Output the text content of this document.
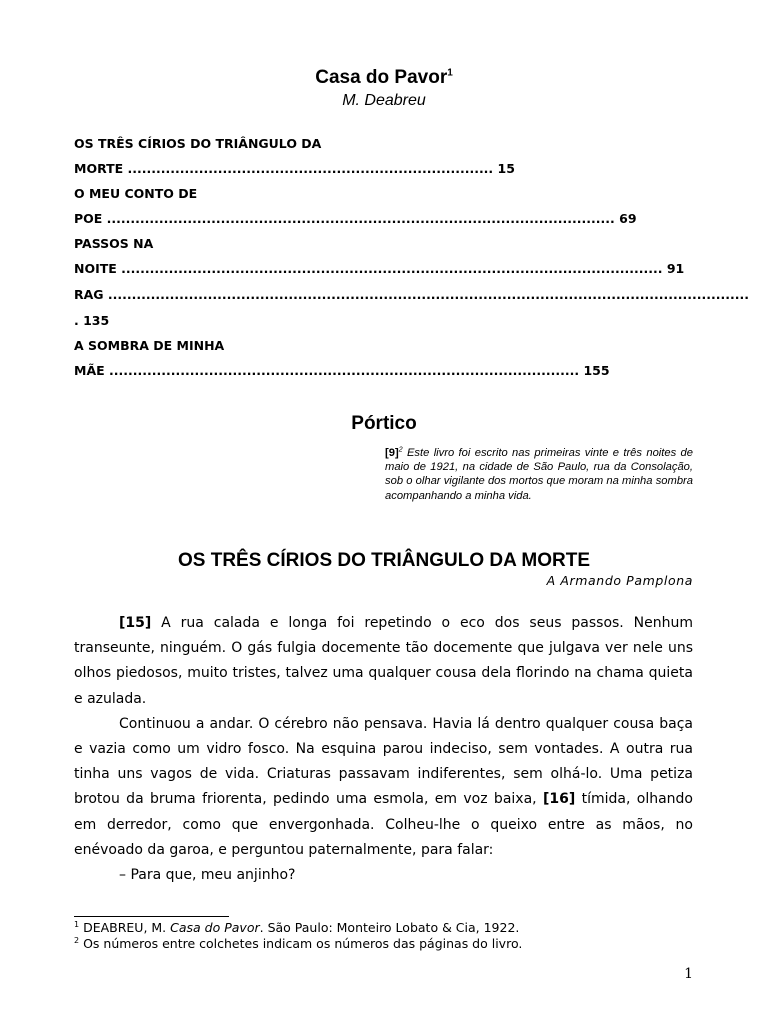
Casa do Pavor$^1$
M. Deabreu
OS TRÊS CÍRIOS DO TRIÂNGULO DA
MORTE ............................................................................. 15
O MEU CONTO DE
POE ........................................................................................................... 69
PASSOS NA
NOITE .................................................................................................................. 91
RAG .......................................................................................................................................
. 135
A SOMBRA DE MINHA
MÃE ................................................................................................... 155
Pórtico
$[9]^2$ Este livro foi escrito nas primeiras vinte e três noites de maio de 1921, na cidade de São Paulo, rua da Consolação, sob o olhar vigilante dos mortos que moram na minha sombra acompanhando a minha vida.
OS TRÊS CÍRIOS DO TRIÂNGULO DA MORTE
A Armando Pamplona

[15] A rua calada e longa foi repetindo o eco dos seus passos. Nenhum transeunte, ninguém. O gás fulgia docemente tão docemente que julgava ver nele uns olhos piedosos, muito tristes, talvez uma qualquer cousa dela florindo na chama quieta e azulada.

Continuou a andar. O cérebro não pensava. Havia lá dentro qualquer cousa baça e vazia como um vidro fosco. Na esquina parou indeciso, sem vontades. A outra rua tinha uns vagos de vida. Criaturas passavam indiferentes, sem olhá-lo. Uma petiza brotou da bruma friorenta, pedindo uma esmola, em voz baixa, [16] tímida, olhando em derredor, como que envergonhada. Colheu-lhe o queixo entre as mãos, no enévoado da garoa, e perguntou paternalmente, para falar:

– Para que, meu anjinho?

$^1$ DEABREU, M. Casa do Pavor. São Paulo: Monteiro Lobato & Cia, 1922.
$^2$ Os números entre colchetes indicam os números das páginas do livro.
1
